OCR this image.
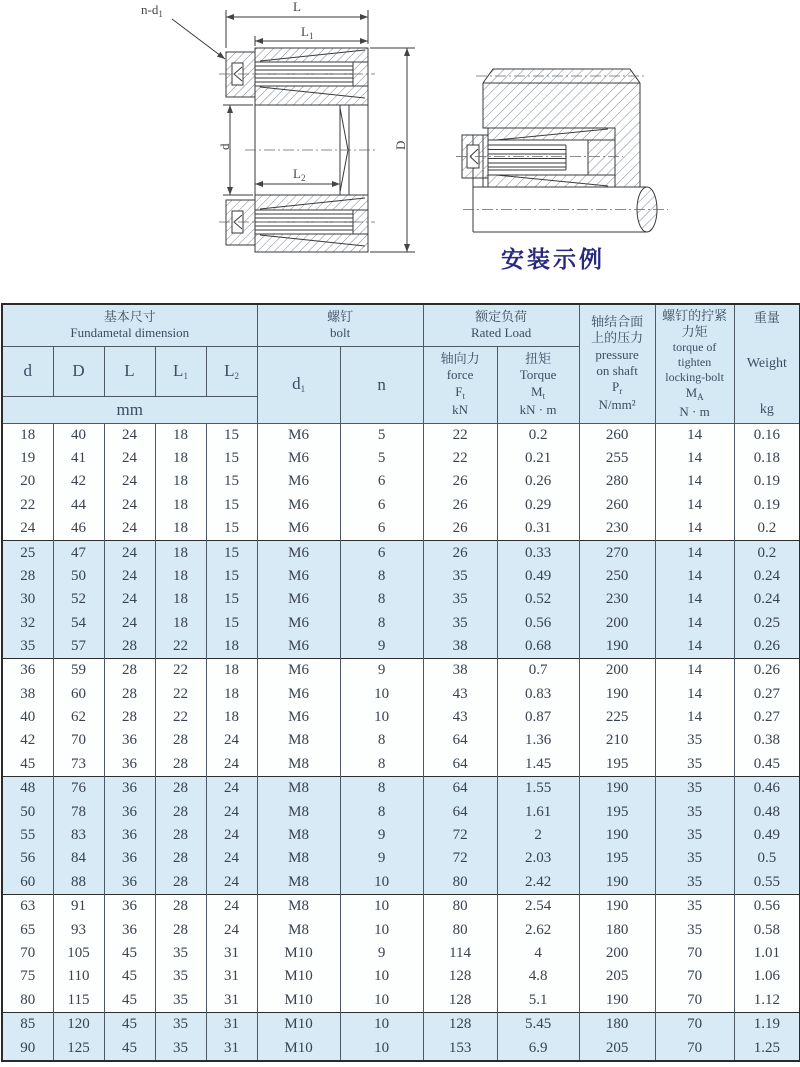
$n-d_1$	L
$L_1$
$L_2$
d	D
安装示例
基本尺寸
Fundametal dimension

螺钉
bolt

额定负荷
Rated Load

轴结合面
上的压力
pressure
on shaft
$P_r$
N/mm²

螺钉的拧紧
力矩
torque of
tighten
locking-bolt
$M_A$
N · m

重量
Weight
kg

d	D	L	$L_1$	$L_2$	$d_1$	n	
轴向力
force
$F_t$
kN

扭矩
Torque
$M_t$
kN · m

mm											
18	40	24	18	15	M6	5	22	0.2	260	14	0.16
19	41	24	18	15	M6	5	22	0.21	255	14	0.18
20	42	24	18	15	M6	6	26	0.26	280	14	0.19
22	44	24	18	15	M6	6	26	0.29	260	14	0.19
24	46	24	18	15	M6	6	26	0.31	230	14	0.2
25	47	24	18	15	M6	6	26	0.33	270	14	0.2
28	50	24	18	15	M6	8	35	0.49	250	14	0.24
30	52	24	18	15	M6	8	35	0.52	230	14	0.24
32	54	24	18	15	M6	8	35	0.56	200	14	0.25
35	57	28	22	18	M6	9	38	0.68	190	14	0.26
36	59	28	22	18	M6	9	38	0.7	200	14	0.26
38	60	28	22	18	M6	10	43	0.83	190	14	0.27
40	62	28	22	18	M6	10	43	0.87	225	14	0.27
42	70	36	28	24	M8	8	64	1.36	210	35	0.38
45	73	36	28	24	M8	8	64	1.45	195	35	0.45
48	76	36	28	24	M8	8	64	1.55	190	35	0.46
50	78	36	28	24	M8	8	64	1.61	195	35	0.48
55	83	36	28	24	M8	9	72	2	190	35	0.49
56	84	36	28	24	M8	9	72	2.03	195	35	0.5
60	88	36	28	24	M8	10	80	2.42	190	35	0.55
63	91	36	28	24	M8	10	80	2.54	190	35	0.56
65	93	36	28	24	M8	10	80	2.62	180	35	0.58
70	105	45	35	31	M10	9	114	4	200	70	1.01
75	110	45	35	31	M10	10	128	4.8	205	70	1.06
80	115	45	35	31	M10	10	128	5.1	190	70	1.12
85	120	45	35	31	M10	10	128	5.45	180	70	1.19
90	125	45	35	31	M10	10	153	6.9	205	70	1.25
